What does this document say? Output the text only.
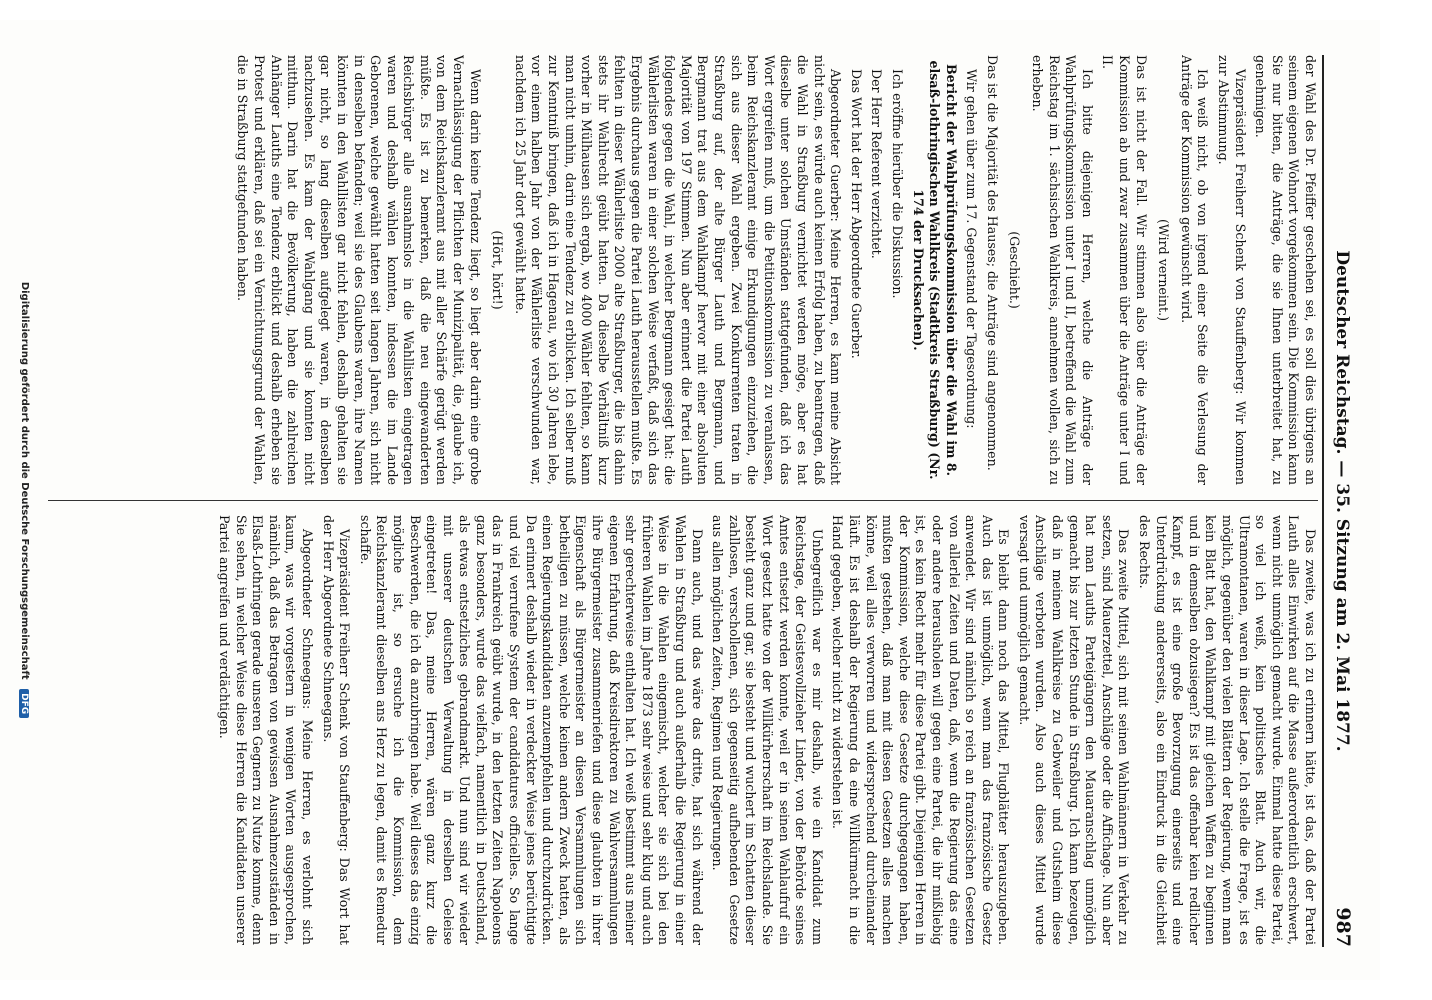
Deutscher Reichstag. — 35. Sitzung am 2. Mai 1877.
987

der Wahl des Dr. Pfeiffer geschehen sei, es soll dies übrigens an seinem eigenen Wohnort vorgekommen sein. Die Kommission kann Sie nur bitten, die Anträge, die sie Ihnen unterbreitet hat, zu genehmigen.

Vizepräsident Freiherr Schenk von Stauffenberg: Wir kommen zur Abstimmung.

Ich weiß nicht, ob von irgend einer Seite die Verlesung der Anträge der Kommission gewünscht wird.

(Wird verneint.)

Das ist nicht der Fall. Wir stimmen also über die Anträge der Kommission ab und zwar zusammen über die Anträge unter I und II.

Ich bitte diejenigen Herren, welche die Anträge der Wahlprüfungskommission unter I und II, betreffend die Wahl zum Reichstag im 1. sächsischen Wahlkreis, annehmen wollen, sich zu erheben.

(Geschieht.)

Das ist die Majorität des Hauses; die Anträge sind angenommen.

Wir gehen über zum 17. Gegenstand der Tagesordnung:

Bericht der Wahlprüfungskommission über die Wahl im 8. elsaß-lothringischen Wahlkreis (Stadtkreis Straßburg) (Nr. 174 der Drucksachen).

Ich eröffne hierüber die Diskussion.

Der Herr Referent verzichtet.

Das Wort hat der Herr Abgeordnete Guerber.

Abgeordneter Guerber: Meine Herren, es kann meine Absicht nicht sein, es würde auch keinen Erfolg haben, zu beantragen, daß die Wahl in Straßburg vernichtet werden möge, aber es hat dieselbe unter solchen Umständen stattgefunden, daß ich das Wort ergreifen muß, um die Petitionskommission zu veranlassen, beim Reichskanzleramt einige Erkundigungen einzuziehen, die sich aus dieser Wahl ergeben. Zwei Konkurrenten traten in Straßburg auf, der alte Bürger Lauth und Bergmann, und Bergmann trat aus dem Wahlkampf hervor mit einer absoluten Majorität von 197 Stimmen. Nun aber erinnert die Partei Lauth folgendes gegen die Wahl, in welcher Bergmann gesiegt hat: die Wählerlisten waren in einer solchen Weise verfaßt, daß sich das Ergebnis durchaus gegen die Partei Lauth herausstellen mußte. Es fehlten in dieser Wählerliste 2000 alte Straßburger, die bis dahin stets ihr Wahlrecht geübt hatten. Da dieselbe Verhältniß kurz vorher in Mülhausen sich ergab, wo 4000 Wähler fehlten, so kann man nicht umhin, darin eine Tendenz zu erblicken. Ich selber muß zur Kenntniß bringen, daß ich in Hagenau, wo ich 30 Jahren lebe, vor einem halben Jahr von der Wählerliste verschwunden war, nachdem ich 25 Jahr dort gewählt hatte.

(Hört, hört!)

Wenn darin keine Tendenz liegt, so liegt aber darin eine grobe Vernachlässigung der Pflichten der Munizipalität, die, glaube ich, von dem Reichskanzleramt aus mit aller Schärfe gerügt werden müßte. Es ist zu bemerken, daß die neu eingewanderten Reichsbürger alle ausnahmslos in die Wahllisten eingetragen waren und deshalb wählen konnten, indessen die im Lande Geborenen, welche gewählt hatten seit langen Jahren, sich nicht in denselben befanden; weil sie des Glaubens waren, ihre Namen könnten in den Wahllisten gar nicht fehlen, deshalb gehalten sie gar nicht, so lang dieselben aufgelegt waren, in denselben nachzusehen. Es kam der Wahlgang und sie konnten nicht mitthun. Darin hat die Bevölkerung, haben die zahlreichen Anhänger Lauths eine Tendenz erblickt und deshalb erheben sie Protest und erklären, daß sei ein Vernichtungsgrund der Wahlen, die in Straßburg stattgefunden haben.

Das zweite, was ich zu erinnern hätte, ist das, daß der Partei Lauth alles Einwirken auf die Masse außerordentlich erschwert, wenn nicht unmöglich gemacht wurde. Einmal hatte diese Partei, so viel ich weiß, kein politisches Blatt. Auch wir, die Ultramontanen, waren in dieser Lage. Ich stelle die Frage, ist es möglich, gegenüber den vielen Blättern der Regierung, wenn man kein Blatt hat, den Wahlkampf mit gleichen Waffen zu beginnen und in demselben obzusiegen? Es ist das offenbar kein redlicher Kampf, es ist eine große Bevorzugung einerseits und eine Unterdrückung andererseits, also ein Eindruck in die Gleichheit des Rechts.

Das zweite Mittel, sich mit seinen Wahlmännern in Verkehr zu setzen, sind Mauerzettel, Anschläge oder die Affichage. Nun aber hat man Lauths Parteigängern den Mauaranschlag unmöglich gemacht bis zur letzten Stunde in Straßburg. Ich kann bezeugen, daß in meinem Wahlkreise zu Gebweiler und Gutsheim diese Anschläge verboten wurden. Also auch dieses Mittel wurde versagt und unmöglich gemacht.

Es bleibt dann noch das Mittel, Flugblätter herauszugeben. Auch das ist unmöglich, wenn man das französische Gesetz anwendet. Wir sind nämlich so reich an französischen Gesetzen von allerlei Zeiten und Daten, daß, wenn die Regierung das eine oder andere herausholen will gegen eine Partei, die ihr mißliebig ist, es kein Recht mehr für diese Partei gibt. Diejenigen Herren in der Kommission, welche diese Gesetze durchgegangen haben, mußten gestehen, daß man mit diesen Gesetzen alles machen könne, weil alles verworren und widersprechend durcheinander läuft. Es ist deshalb der Regierung da eine Willkürmacht in die Hand gegeben, welcher nicht zu widerstehen ist.

Unbegreiflich war es mir deshalb, wie ein Kandidat zum Reichstage, der Geistesvollzieher Linder, von der Behörde seines Amtes entsetzt werden konnte, weil er in seinen Wahlaufruf ein Wort gesetzt hatte von der Willkürherrschaft im Reichslande. Sie besteht ganz und gar, sie besteht und wuchert im Schatten dieser zahllosen, verschollenen, sich gegenseitig aufhebenden Gesetze aus allen möglichen Zeiten, Regimen und Regierungen.

Dann auch, und das wäre das dritte, hat sich während der Wahlen in Straßburg und auch außerhalb die Regierung in einer Weise in die Wahlen eingemischt, welcher sie sich bei den früheren Wahlen im Jahre 1873 sehr weise und sehr klug und auch sehr gerechterweise enthalten hat. Ich weiß bestimmt aus meiner eigenen Erfahrung, daß Kreisdirektoren zu Wahlversammlungen ihre Bürgermeister zusammenriefen und diese glaubten in ihrer Eigenschaft als Bürgermeister an diesen Versammlungen sich betheiligen zu müssen, welche keinen andern Zweck hatten, als einen Regierungskandidaten anzuempfehlen und durchzudrücken. Da erinnert deshalb wieder in verdeckter Weise jenes berüchtigte und viel verrufene System der candidatures officielles. So lange das in Frankreich geübt wurde, in den letzten Zeiten Napoleons ganz besonders, wurde das vielfach, namentlich in Deutschland, als etwas entsetzliches gebrandmarkt. Und nun sind wir wieder mit unserer deutschen Verwaltung in derselben Geleise eingetreten! Das, meine Herren, wären ganz kurz die Beschwerden, die ich da anzubringen habe. Weil dieses das einzig mögliche ist, so ersuche ich die Kommission, dem Reichskanzleramt dieselben ans Herz zu legen, damit es Remedur schaffe.

Vizepräsident Freiherr Schenk von Stauffenberg: Das Wort hat der Herr Abgeordnete Schneegans.

Abgeordneter Schneegans: Meine Herren, es verlohnt sich kaum, was wir vorgestern in wenigen Worten ausgesprochen, nämlich, daß das Betragen von gewissen Ausnahmezuständen in Elsaß-Lothringen gerade unseren Gegnern zu Nutze komme, denn Sie sehen, in welcher Weise diese Herren die Kandidaten unserer Partei angreifen und verdächtigen.

Digitalisierung gefördert durch die Deutsche Forschungsgemeinschaft DFG
